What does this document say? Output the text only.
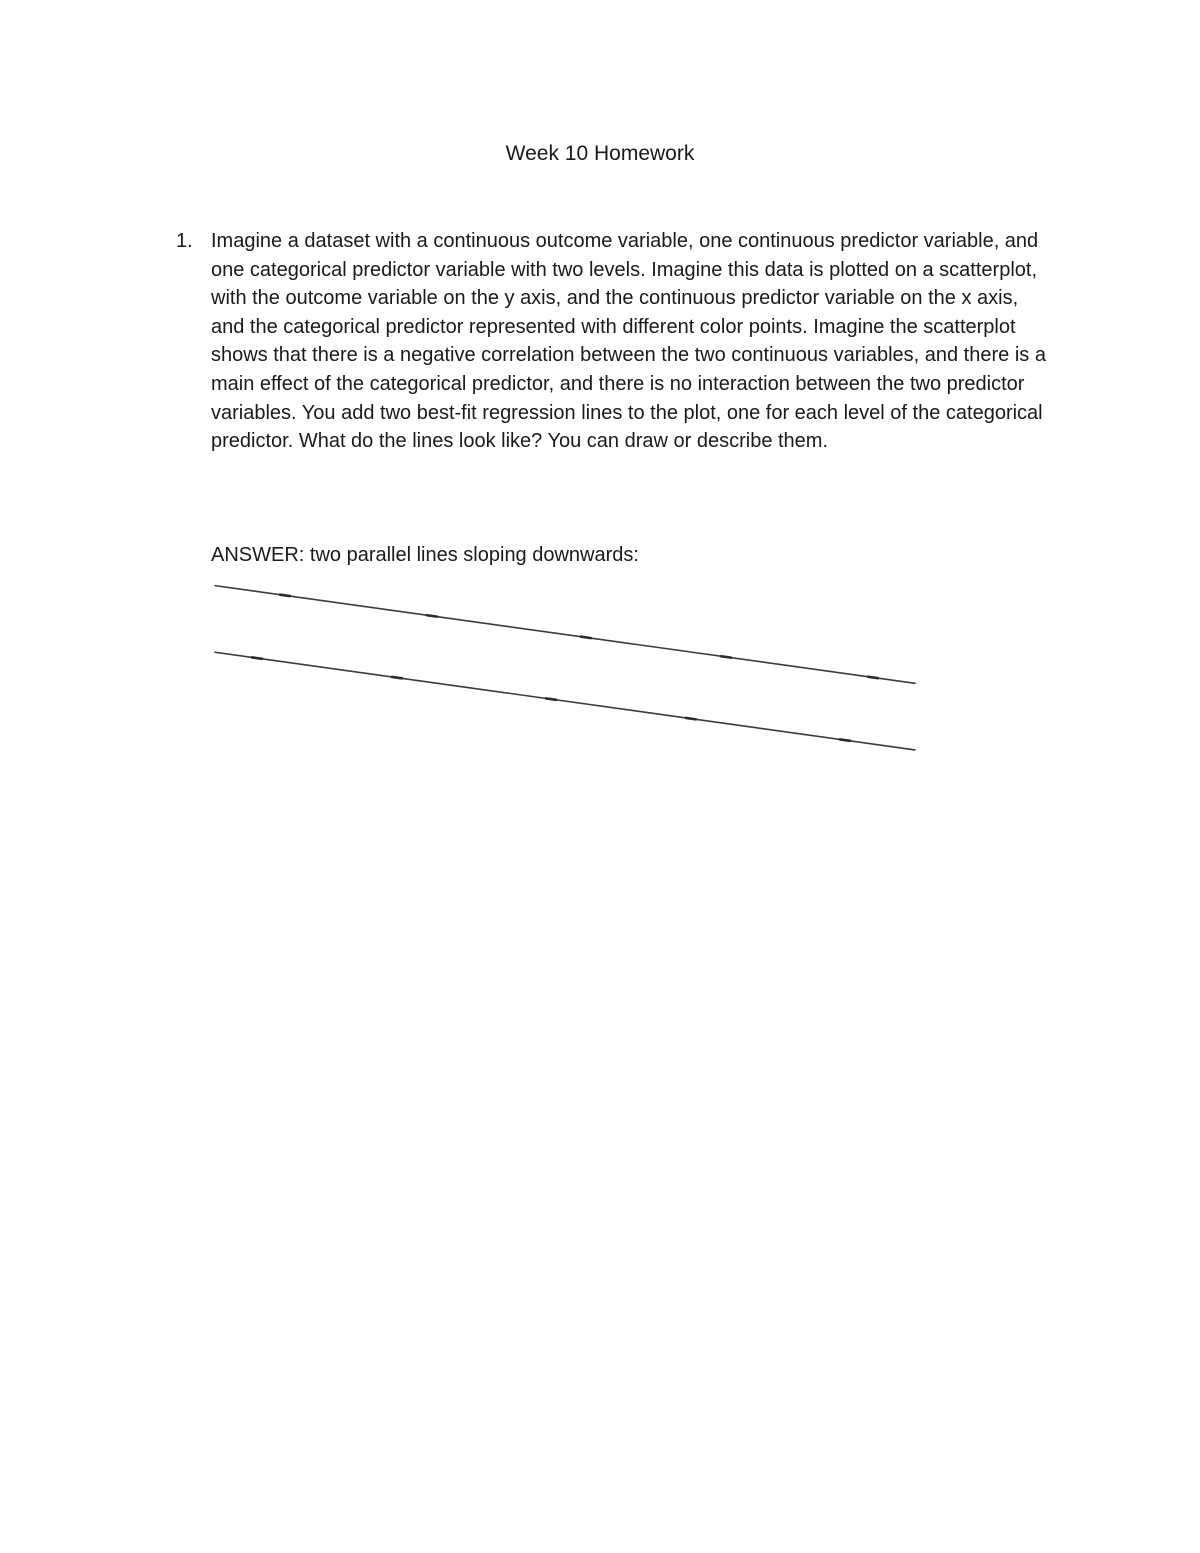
Week 10 Homework
1. Imagine a dataset with a continuous outcome variable, one continuous predictor variable, and one categorical predictor variable with two levels. Imagine this data is plotted on a scatterplot, with the outcome variable on the y axis, and the continuous predictor variable on the x axis, and the categorical predictor represented with different color points. Imagine the scatterplot shows that there is a negative correlation between the two continuous variables, and there is a main effect of the categorical predictor, and there is no interaction between the two predictor variables. You add two best-fit regression lines to the plot, one for each level of the categorical predictor. What do the lines look like? You can draw or describe them.

ANSWER: two parallel lines sloping downwards:
